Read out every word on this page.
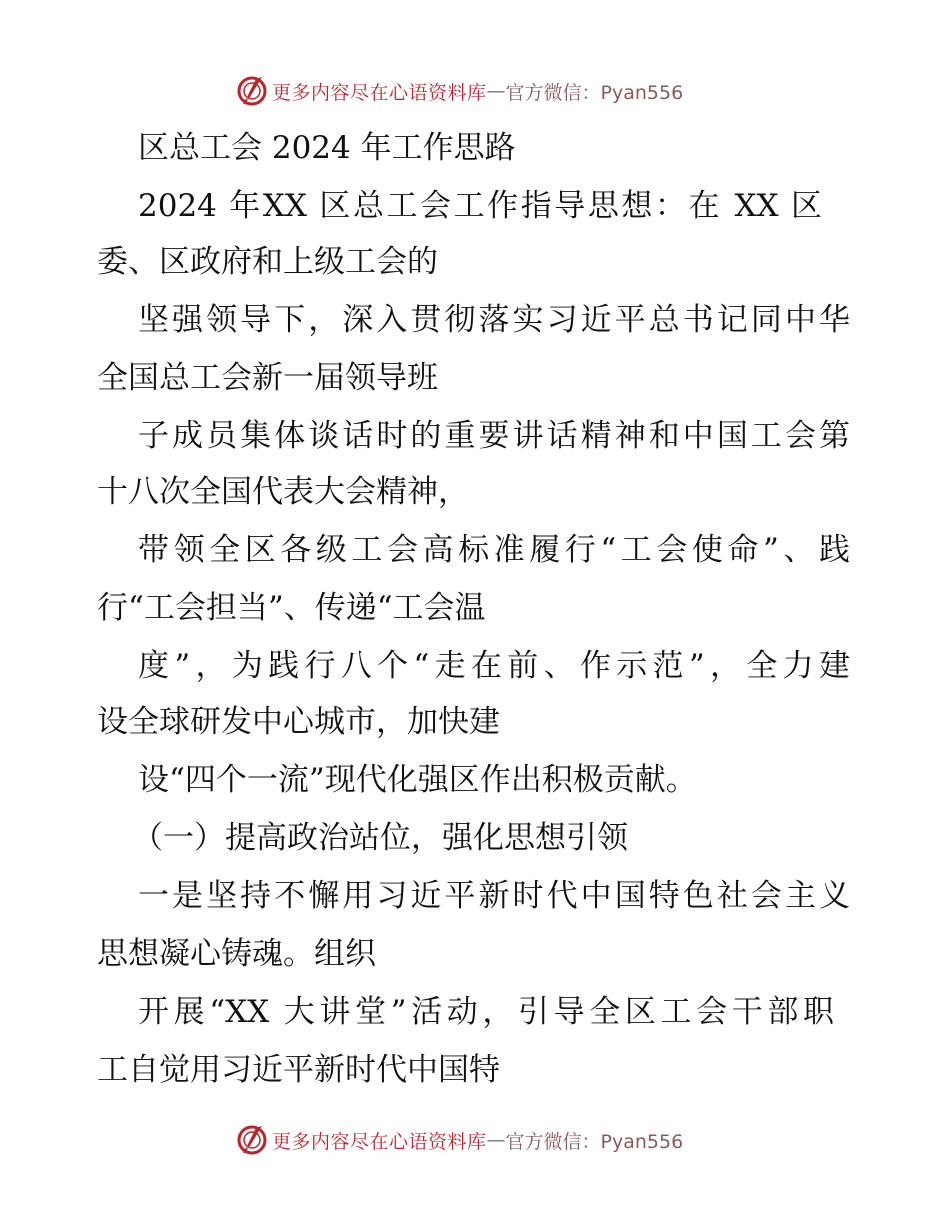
更多内容尽在心语资料库 — 官方微信：Pyan556
区总工会 2024 年工作思路
2024 年XX 区总工会工作指导思想：在 XX 区
委、区政府和上级工会的
坚强领导下，深入贯彻落实习近平总书记同中华
全国总工会新一届领导班
子成员集体谈话时的重要讲话精神和中国工会第
十八次全国代表大会精神，
带领全区各级工会高标准履行“工会使命”、践
行“工会担当”、传递“工会温
度”，为践行八个“走在前、作示范”，全力建
设全球研发中心城市，加快建
设“四个一流”现代化强区作出积极贡献。
（一）提高政治站位，强化思想引领
一是坚持不懈用习近平新时代中国特色社会主义
思想凝心铸魂。组织
开展“XX 大讲堂”活动，引导全区工会干部职
工自觉用习近平新时代中国特
更多内容尽在心语资料库 — 官方微信：Pyan556
